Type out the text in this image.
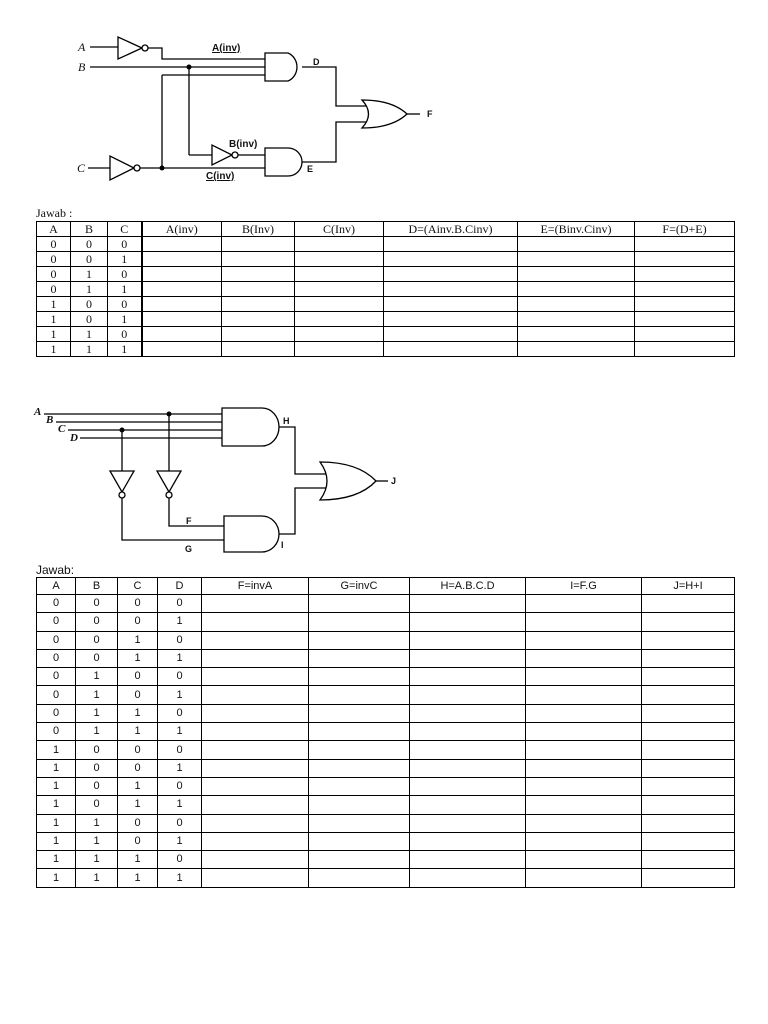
A
B
C
A(inv)
B(inv)
C(inv)
D
E
F
Jawab :
A	B	C	A(inv)	B(Inv)	C(Inv)	D=(Ainv.B.Cinv)	E=(Binv.Cinv)	F=(D+E)
0	0	0						
0	0	1						
0	1	0						
0	1	1						
1	0	0						
1	0	1						
1	1	0						
1	1	1						
A
B
C
D
H
F
G	I
J
Jawab:
A	B	C	D	F=invA	G=invC	H=A.B.C.D	I=F.G	J=H+I
0	0	0	0					
0	0	0	1					
0	0	1	0					
0	0	1	1					
0	1	0	0					
0	1	0	1					
0	1	1	0					
0	1	1	1					
1	0	0	0					
1	0	0	1					
1	0	1	0					
1	0	1	1					
1	1	0	0					
1	1	0	1					
1	1	1	0					
1	1	1	1					
